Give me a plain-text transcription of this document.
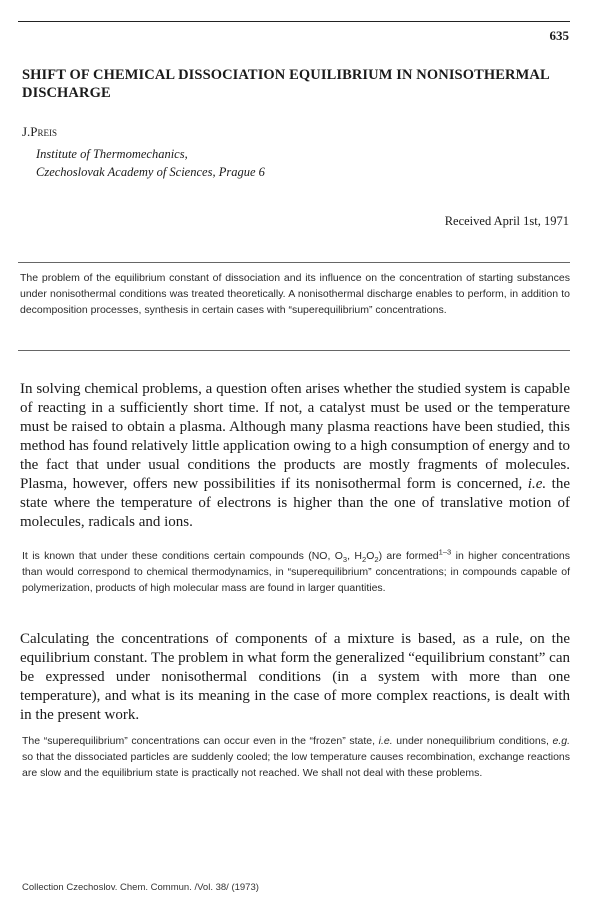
635
SHIFT OF CHEMICAL DISSOCIATION EQUILIBRIUM IN NONISOTHERMAL DISCHARGE
J.Preis
Institute of Thermomechanics,
Czechoslovak Academy of Sciences, Prague 6
Received April 1st, 1971
The problem of the equilibrium constant of dissociation and its influence on the concentration of starting substances under nonisothermal conditions was treated theoretically. A nonisothermal discharge enables to perform, in addition to decomposition processes, synthesis in certain cases with “superequilibrium” concentrations.
In solving chemical problems, a question often arises whether the studied system is capable of reacting in a sufficiently short time. If not, a catalyst must be used or the temperature must be raised to obtain a plasma. Although many plasma reactions have been studied, this method has found relatively little application owing to a high consumption of energy and to the fact that under usual conditions the products are mostly fragments of molecules. Plasma, however, offers new possibilities if its nonisothermal form is concerned, i.e. the state where the temperature of electrons is higher than the one of translative motion of molecules, radicals and ions.
It is known that under these conditions certain compounds (NO, $O_3$, $H_2O_2$) are formed$^{1-3}$ in higher concentrations than would correspond to chemical thermodynamics, in “superequilibrium” concentrations; in compounds capable of polymerization, products of high molecular mass are found in larger quantities.
Calculating the concentrations of components of a mixture is based, as a rule, on the equilibrium constant. The problem in what form the generalized “equilibrium constant” can be expressed under nonisothermal conditions (in a system with more than one temperature), and what is its meaning in the case of more complex reactions, is dealt with in the present work.
The “superequilibrium” concentrations can occur even in the “frozen” state, i.e. under nonequilibrium conditions, e.g. so that the dissociated particles are suddenly cooled; the low temperature causes recombination, exchange reactions are slow and the equilibrium state is practically not reached. We shall not deal with these problems.
Collection Czechoslov. Chem. Commun. /Vol. 38/ (1973)
